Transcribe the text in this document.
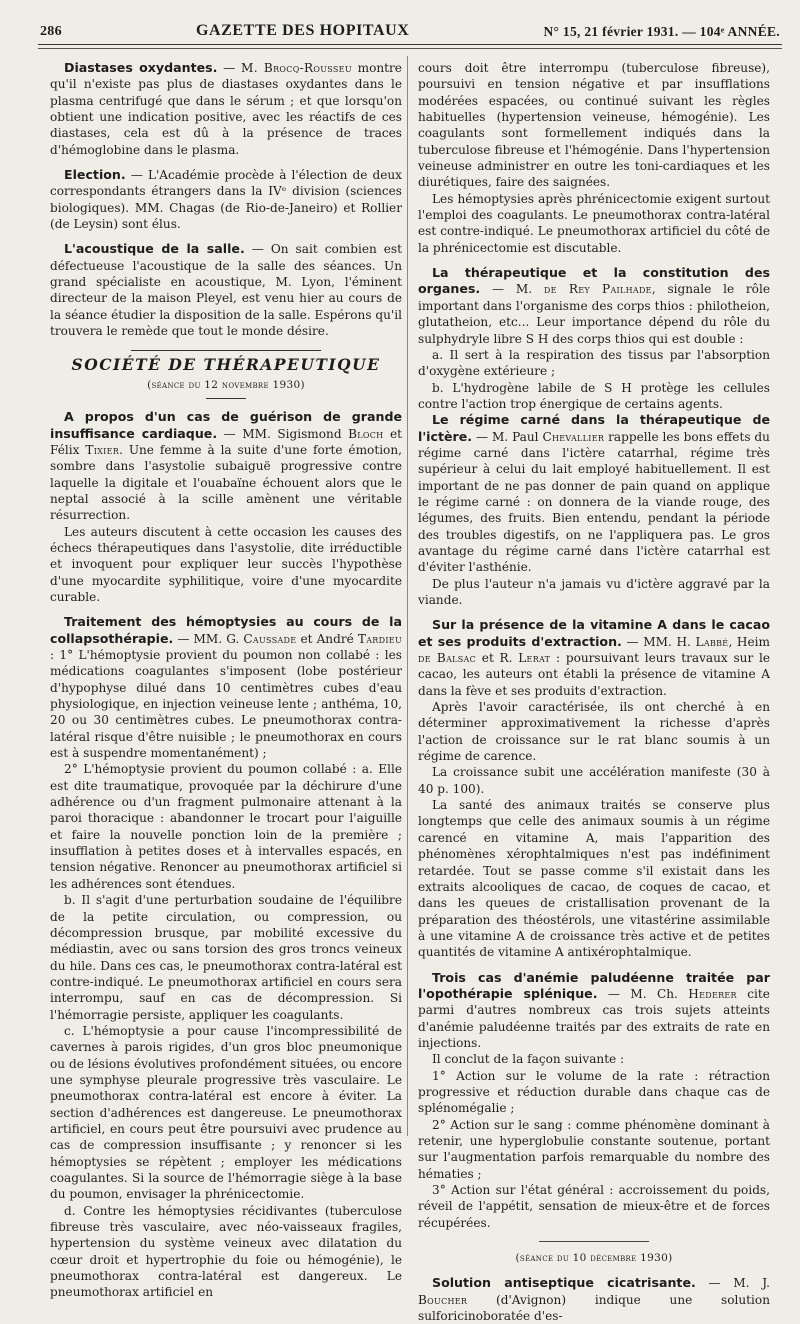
286	GAZETTE DES HOPITAUX	N° 15, 21 février 1931. — 104ᵉ ANNÉE.

Diastases oxydantes. — M. Brocq-Rousseu montre qu'il n'existe pas plus de diastases oxydantes dans le plasma centrifugé que dans le sérum ; et que lorsqu'on obtient une indication positive, avec les réactifs de ces diastases, cela est dû à la présence de traces d'hémoglobine dans le plasma.

Election. — L'Académie procède à l'élection de deux correspondants étrangers dans la IVᵉ division (sciences biologiques). MM. Chagas (de Rio-de-Janeiro) et Rollier (de Leysin) sont élus.

L'acoustique de la salle. — On sait combien est défectueuse l'acoustique de la salle des séances. Un grand spécialiste en acoustique, M. Lyon, l'éminent directeur de la maison Pleyel, est venu hier au cours de la séance étudier la disposition de la salle. Espérons qu'il trouvera le remède que tout le monde désire.

SOCIÉTÉ DE THÉRAPEUTIQUE
(séance du 12 novembre 1930)

A propos d'un cas de guérison de grande insuffisance cardiaque. — MM. Sigismond Bloch et Félix Tixier. Une femme à la suite d'une forte émotion, sombre dans l'asystolie subaiguë progressive contre laquelle la digitale et l'ouabaïne échouent alors que le neptal associé à la scille amènent une véritable résurrection.

Les auteurs discutent à cette occasion les causes des échecs thérapeutiques dans l'asystolie, dite irréductible et invoquent pour expliquer leur succès l'hypothèse d'une myocardite syphilitique, voire d'une myocardite curable.

Traitement des hémoptysies au cours de la collapsothérapie. — MM. G. Caussade et André Tardieu : 1° L'hémoptysie provient du poumon non collabé : les médications coagulantes s'imposent (lobe postérieur d'hypophyse dilué dans 10 centimètres cubes d'eau physiologique, en injection veineuse lente ; anthéma, 10, 20 ou 30 centimètres cubes. Le pneumothorax contra-latéral risque d'être nuisible ; le pneumothorax en cours est à suspendre momentanément) ;

2° L'hémoptysie provient du poumon collabé : a. Elle est dite traumatique, provoquée par la déchirure d'une adhérence ou d'un fragment pulmonaire attenant à la paroi thoracique : abandonner le trocart pour l'aiguille et faire la nouvelle ponction loin de la première ; insufflation à petites doses et à intervalles espacés, en tension négative. Renoncer au pneumothorax artificiel si les adhérences sont étendues.

b. Il s'agit d'une perturbation soudaine de l'équilibre de la petite circulation, ou compression, ou décompression brusque, par mobilité excessive du médiastin, avec ou sans torsion des gros troncs veineux du hile. Dans ces cas, le pneumothorax contra-latéral est contre-indiqué. Le pneumothorax artificiel en cours sera interrompu, sauf en cas de décompression. Si l'hémorragie persiste, appliquer les coagulants.

c. L'hémoptysie a pour cause l'incompressibilité de cavernes à parois rigides, d'un gros bloc pneumonique ou de lésions évolutives profondément situées, ou encore une symphyse pleurale progressive très vasculaire. Le pneumothorax contra-latéral est encore à éviter. La section d'adhérences est dangereuse. Le pneumothorax artificiel, en cours peut être poursuivi avec prudence au cas de compression insuffisante ; y renoncer si les hémoptysies se répètent ; employer les médications coagulantes. Si la source de l'hémorragie siège à la base du poumon, envisager la phrénicectomie.

d. Contre les hémoptysies récidivantes (tuberculose fibreuse très vasculaire, avec néo-vaisseaux fragiles, hypertension du système veineux avec dilatation du cœur droit et hypertrophie du foie ou hémogénie), le pneumothorax contra-latéral est dangereux. Le pneumothorax artificiel en

cours doit être interrompu (tuberculose fibreuse), poursuivi en tension négative et par insufflations modérées espacées, ou continué suivant les règles habituelles (hypertension veineuse, hémogénie). Les coagulants sont formellement indiqués dans la tuberculose fibreuse et l'hémogénie. Dans l'hypertension veineuse administrer en outre les toni-cardiaques et les diurétiques, faire des saignées.

Les hémoptysies après phrénicectomie exigent surtout l'emploi des coagulants. Le pneumothorax contra-latéral est contre-indiqué. Le pneumothorax artificiel du côté de la phrénicectomie est discutable.

La thérapeutique et la constitution des organes. — M. de Rey Pailhade, signale le rôle important dans l'organisme des corps thios : philotheion, glutatheion, etc... Leur importance dépend du rôle du sulphydryle libre S H des corps thios qui est double :

a. Il sert à la respiration des tissus par l'absorption d'oxygène extérieure ;

b. L'hydrogène labile de S H protège les cellules contre l'action trop énergique de certains agents.

Le régime carné dans la thérapeutique de l'ictère. — M. Paul Chevallier rappelle les bons effets du régime carné dans l'ictère catarrhal, régime très supérieur à celui du lait employé habituellement. Il est important de ne pas donner de pain quand on applique le régime carné : on donnera de la viande rouge, des légumes, des fruits. Bien entendu, pendant la période des troubles digestifs, on ne l'appliquera pas. Le gros avantage du régime carné dans l'ictère catarrhal est d'éviter l'asthénie.

De plus l'auteur n'a jamais vu d'ictère aggravé par la viande.

Sur la présence de la vitamine A dans le cacao et ses produits d'extraction. — MM. H. Labbé, Heim de Balsac et R. Lerat : poursuivant leurs travaux sur le cacao, les auteurs ont établi la présence de vitamine A dans la fève et ses produits d'extraction.

Après l'avoir caractérisée, ils ont cherché à en déterminer approximativement la richesse d'après l'action de croissance sur le rat blanc soumis à un régime de carence.

La croissance subit une accélération manifeste (30 à 40 p. 100).

La santé des animaux traités se conserve plus longtemps que celle des animaux soumis à un régime carencé en vitamine A, mais l'apparition des phénomènes xérophtalmiques n'est pas indéfiniment retardée. Tout se passe comme s'il existait dans les extraits alcooliques de cacao, de coques de cacao, et dans les queues de cristallisation provenant de la préparation des théostérols, une vitastérine assimilable à une vitamine A de croissance très active et de petites quantités de vitamine A antixérophtalmique.

Trois cas d'anémie paludéenne traitée par l'opothérapie splénique. — M. Ch. Hederer cite parmi d'autres nombreux cas trois sujets atteints d'anémie paludéenne traités par des extraits de rate en injections.

Il conclut de la façon suivante :

1° Action sur le volume de la rate : rétraction progressive et réduction durable dans chaque cas de splénomégalie ;

2° Action sur le sang : comme phénomène dominant à retenir, une hyperglobulie constante soutenue, portant sur l'augmentation parfois remarquable du nombre des hématies ;

3° Action sur l'état général : accroissement du poids, réveil de l'appétit, sensation de mieux-être et de forces récupérées.

(séance du 10 décembre 1930)

Solution antiseptique cicatrisante. — M. J. Boucher (d'Avignon) indique une solution sulforicinoboratée d'es-
